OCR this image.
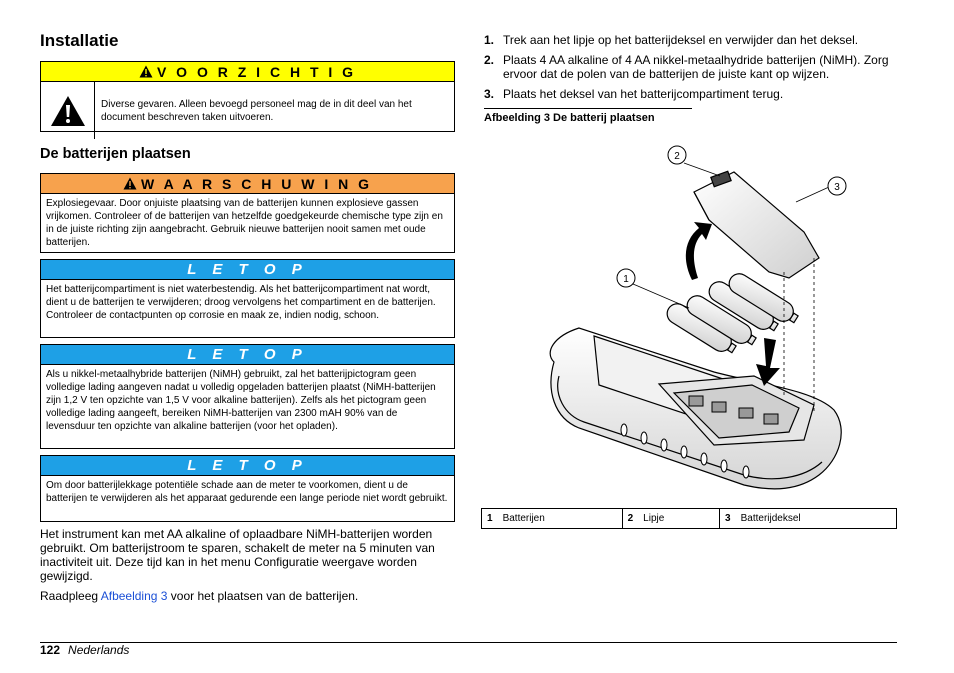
Installatie
V O O R Z I C H T I G
Diverse gevaren. Alleen bevoegd personeel mag de in dit deel van het document beschreven taken uitvoeren.
De batterijen plaatsen
W A A R S C H U W I N G
Explosiegevaar. Door onjuiste plaatsing van de batterijen kunnen explosieve gassen vrijkomen. Controleer of de batterijen van hetzelfde goedgekeurde chemische type zijn en in de juiste richting zijn aangebracht. Gebruik nieuwe batterijen nooit samen met oude batterijen.
L E T O P
Het batterijcompartiment is niet waterbestendig. Als het batterijcompartiment nat wordt, dient u de batterijen te verwijderen; droog vervolgens het compartiment en de batterijen. Controleer de contactpunten op corrosie en maak ze, indien nodig, schoon.
L E T O P
Als u nikkel-metaalhybride batterijen (NiMH) gebruikt, zal het batterijpictogram geen volledige lading aangeven nadat u volledig opgeladen batterijen plaatst (NiMH-batterijen zijn 1,2 V ten opzichte van 1,5 V voor alkaline batterijen). Zelfs als het pictogram geen volledige lading aangeeft, bereiken NiMH-batterijen van 2300 mAH 90% van de levensduur ten opzichte van alkaline batterijen (voor het opladen).
L E T O P
Om door batterijlekkage potentiële schade aan de meter te voorkomen, dient u de batterijen te verwijderen als het apparaat gedurende een lange periode niet wordt gebruikt.

Het instrument kan met AA alkaline of oplaadbare NiMH-batterijen worden gebruikt. Om batterijstroom te sparen, schakelt de meter na 5 minuten van inactiviteit uit. Deze tijd kan in het menu Configuratie weergave worden gewijzigd.

Raadpleeg Afbeelding 3 voor het plaatsen van de batterijen.

1. Trek aan het lipje op het batterijdeksel en verwijder dan het deksel.
2. Plaats 4 AA alkaline of 4 AA nikkel-metaalhydride batterijen (NiMH). Zorg ervoor dat de polen van de batterijen de juiste kant op wijzen.
3. Plaats het deksel van het batterijcompartiment terug.
Afbeelding 3 De batterij plaatsen
1
2
3
1 Batterijen	2 Lipje	3 Batterijdeksel
122 Nederlands
